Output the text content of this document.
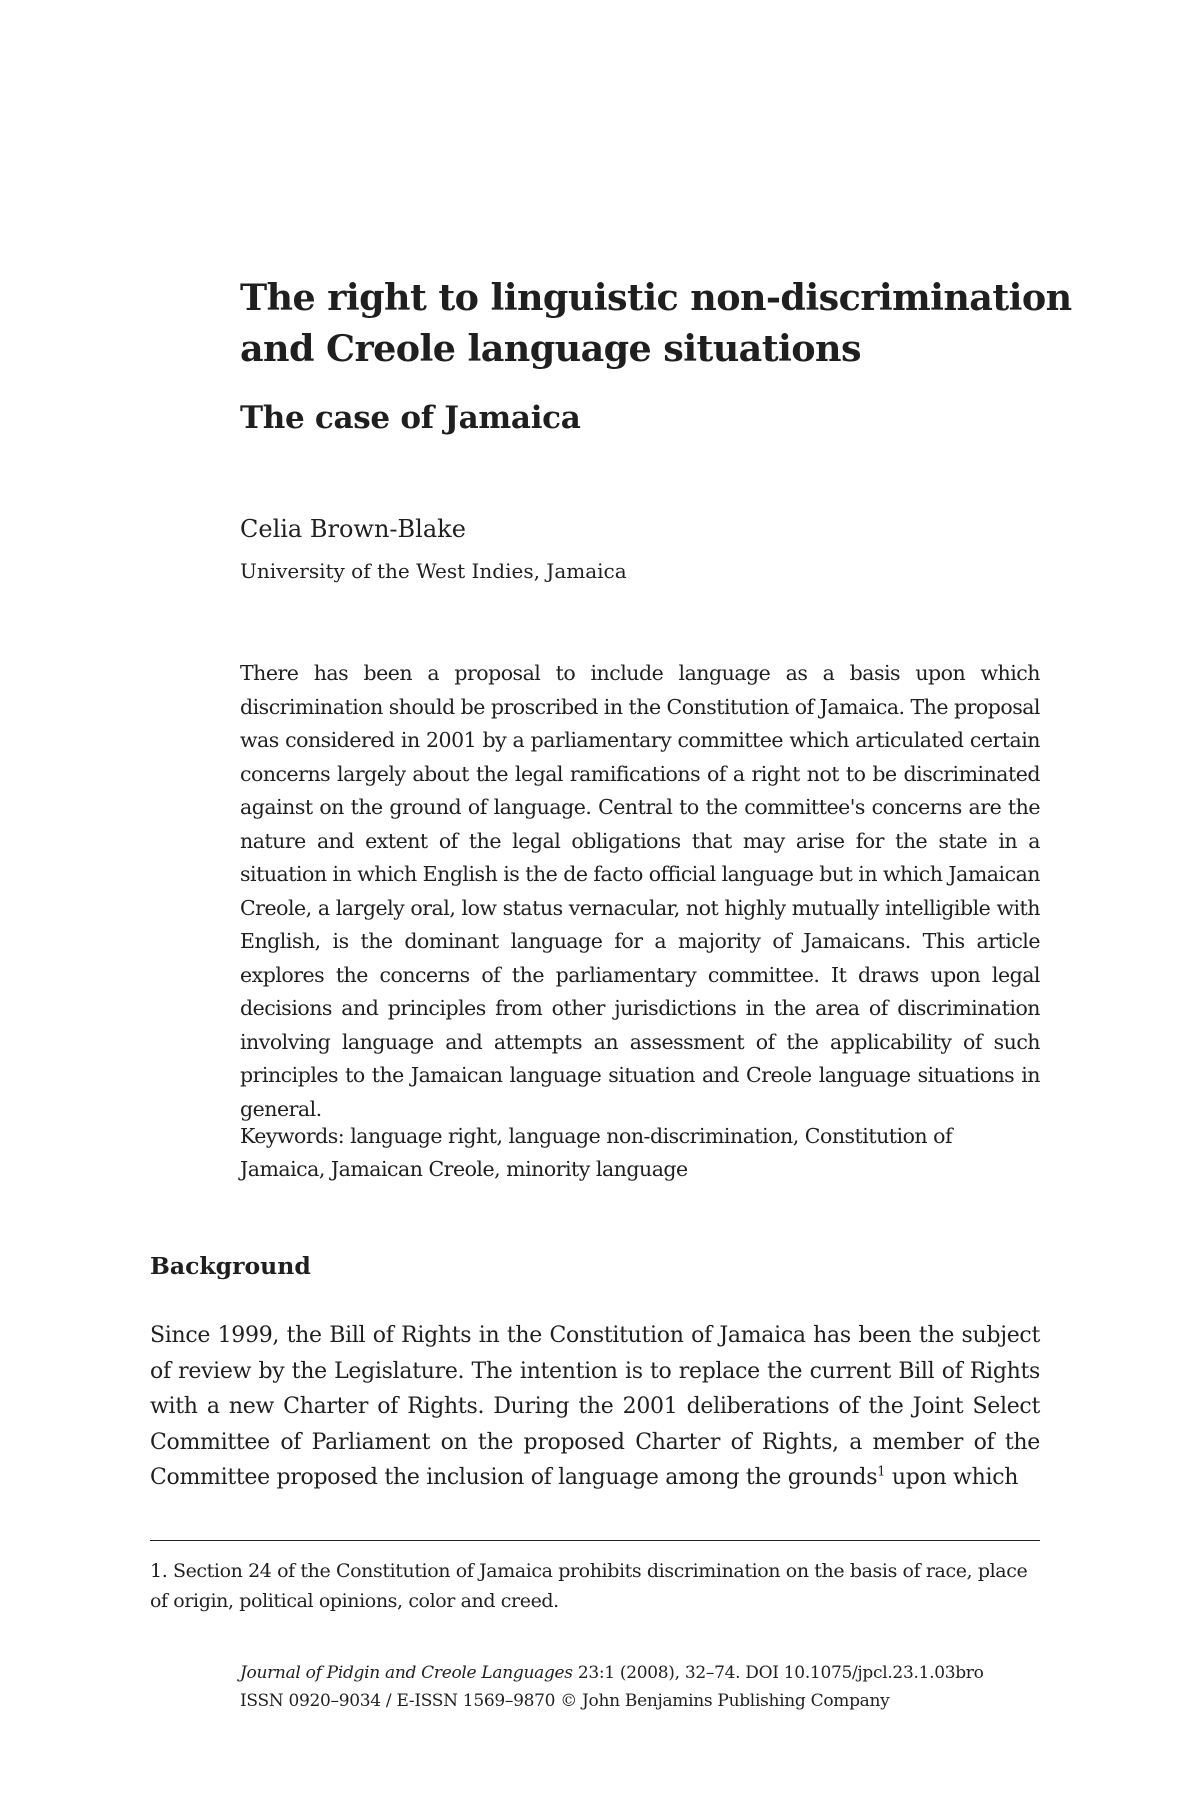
The right to linguistic non-discrimination and Creole language situations
The case of Jamaica

Celia Brown-Blake

University of the West Indies, Jamaica

There has been a proposal to include language as a basis upon which discrimination should be proscribed in the Constitution of Jamaica. The proposal was considered in 2001 by a parliamentary committee which articulated certain concerns largely about the legal ramifications of a right not to be discriminated against on the ground of language. Central to the committee's concerns are the nature and extent of the legal obligations that may arise for the state in a situation in which English is the de facto official language but in which Jamaican Creole, a largely oral, low status vernacular, not highly mutually intelligible with English, is the dominant language for a majority of Jamaicans. This article explores the concerns of the parliamentary committee. It draws upon legal decisions and principles from other jurisdictions in the area of discrimination involving language and attempts an assessment of the applicability of such principles to the Jamaican language situation and Creole language situations in general.

Keywords: language right, language non-discrimination, Constitution of Jamaica, Jamaican Creole, minority language

Background

Since 1999, the Bill of Rights in the Constitution of Jamaica has been the subject of review by the Legislature. The intention is to replace the current Bill of Rights with a new Charter of Rights. During the 2001 deliberations of the Joint Select Committee of Parliament on the proposed Charter of Rights, a member of the Committee proposed the inclusion of language among the grounds$^1$ upon which

1. Section 24 of the Constitution of Jamaica prohibits discrimination on the basis of race, place of origin, political opinions, color and creed.

Journal of Pidgin and Creole Languages 23:1 (2008), 32–74. DOI 10.1075/jpcl.23.1.03bro
ISSN 0920–9034 / E-ISSN 1569–9870 © John Benjamins Publishing Company
